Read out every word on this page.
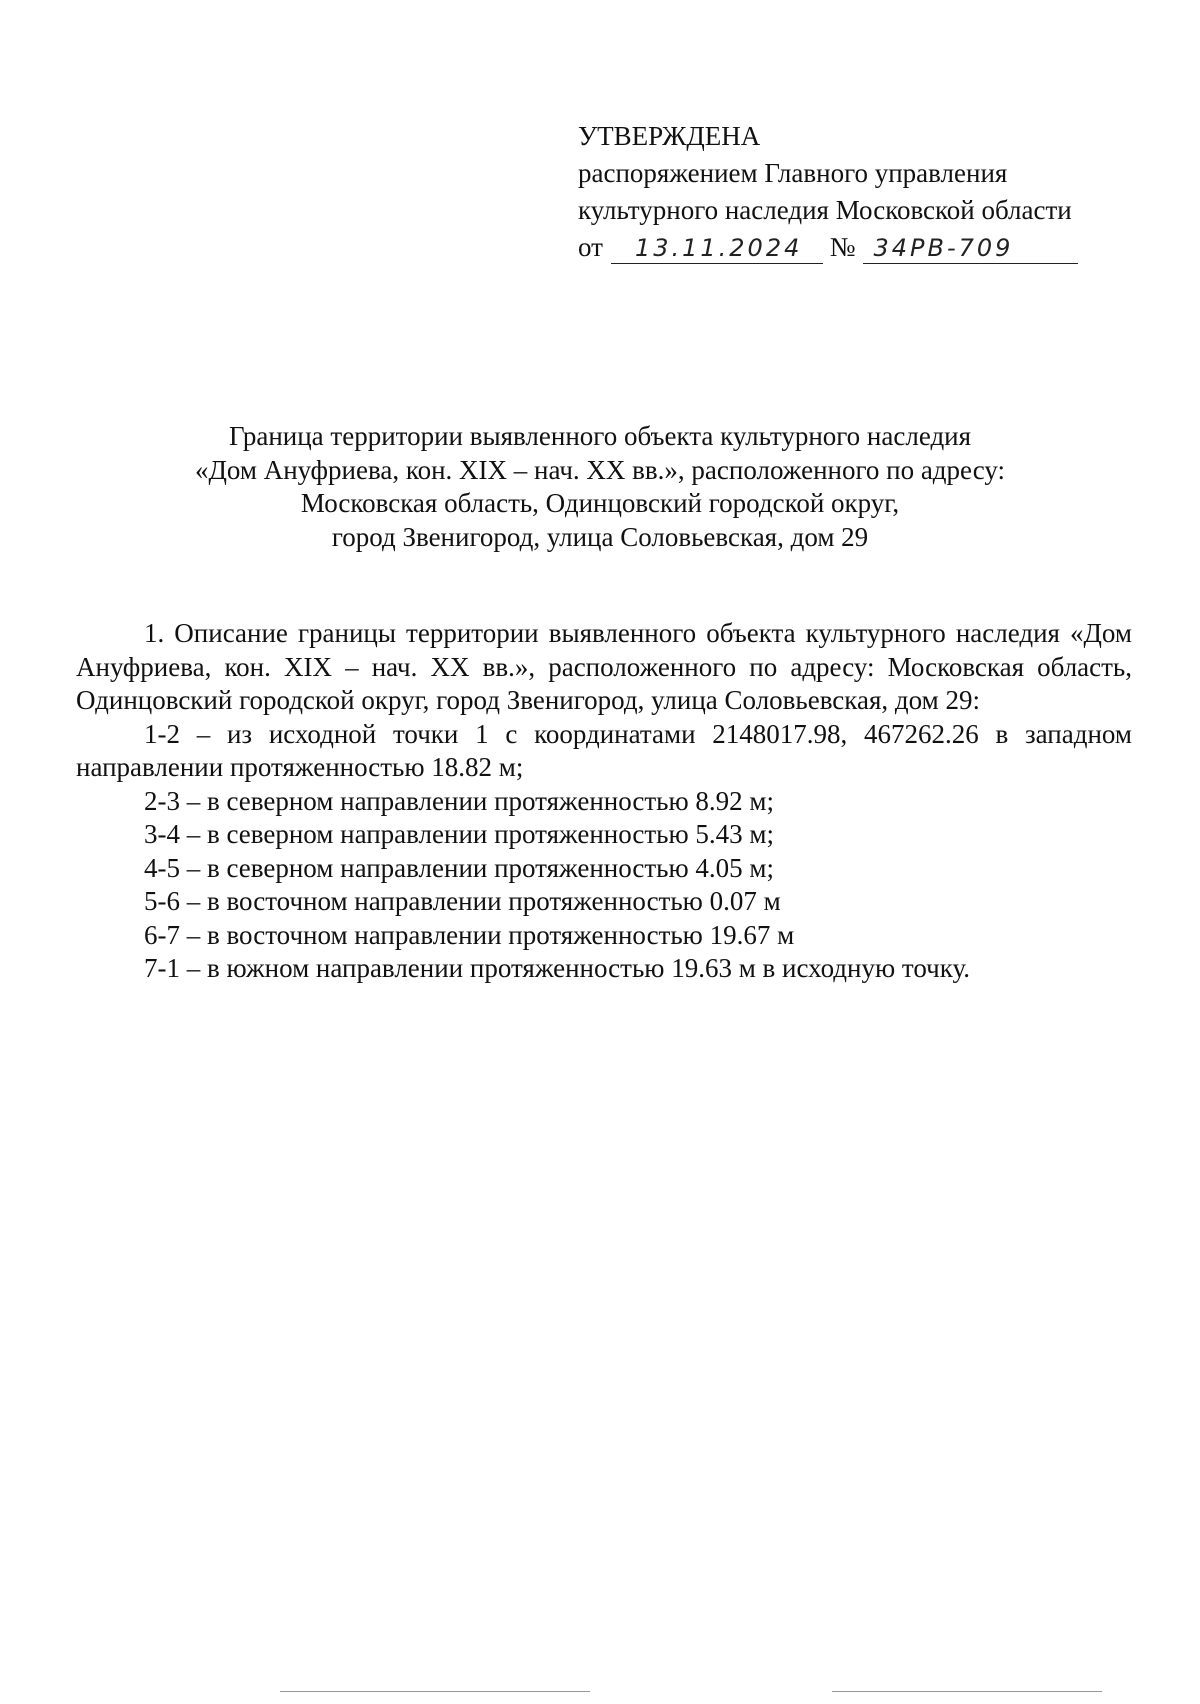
УТВЕРЖДЕНА
распоряжением Главного управления
культурного наследия Московской области
от 13.11.2024 № 34РВ-709
Граница территории выявленного объекта культурного наследия
«Дом Ануфриева, кон. XIX – нач. XX вв.», расположенного по адресу:
Московская область, Одинцовский городской округ,
город Звенигород, улица Соловьевская, дом 29

1. Описание границы территории выявленного объекта культурного наследия «Дом Ануфриева, кон. XIX – нач. XX вв.», расположенного по адресу: Московская область, Одинцовский городской округ, город Звенигород, улица Соловьевская, дом 29:

1-2 – из исходной точки 1 с координатами 2148017.98, 467262.26 в западном направлении протяженностью 18.82 м;

2-3 – в северном направлении протяженностью 8.92 м;

3-4 – в северном направлении протяженностью 5.43 м;

4-5 – в северном направлении протяженностью 4.05 м;

5-6 – в восточном направлении протяженностью 0.07 м

6-7 – в восточном направлении протяженностью 19.67 м

7-1 – в южном направлении протяженностью 19.63 м в исходную точку.
